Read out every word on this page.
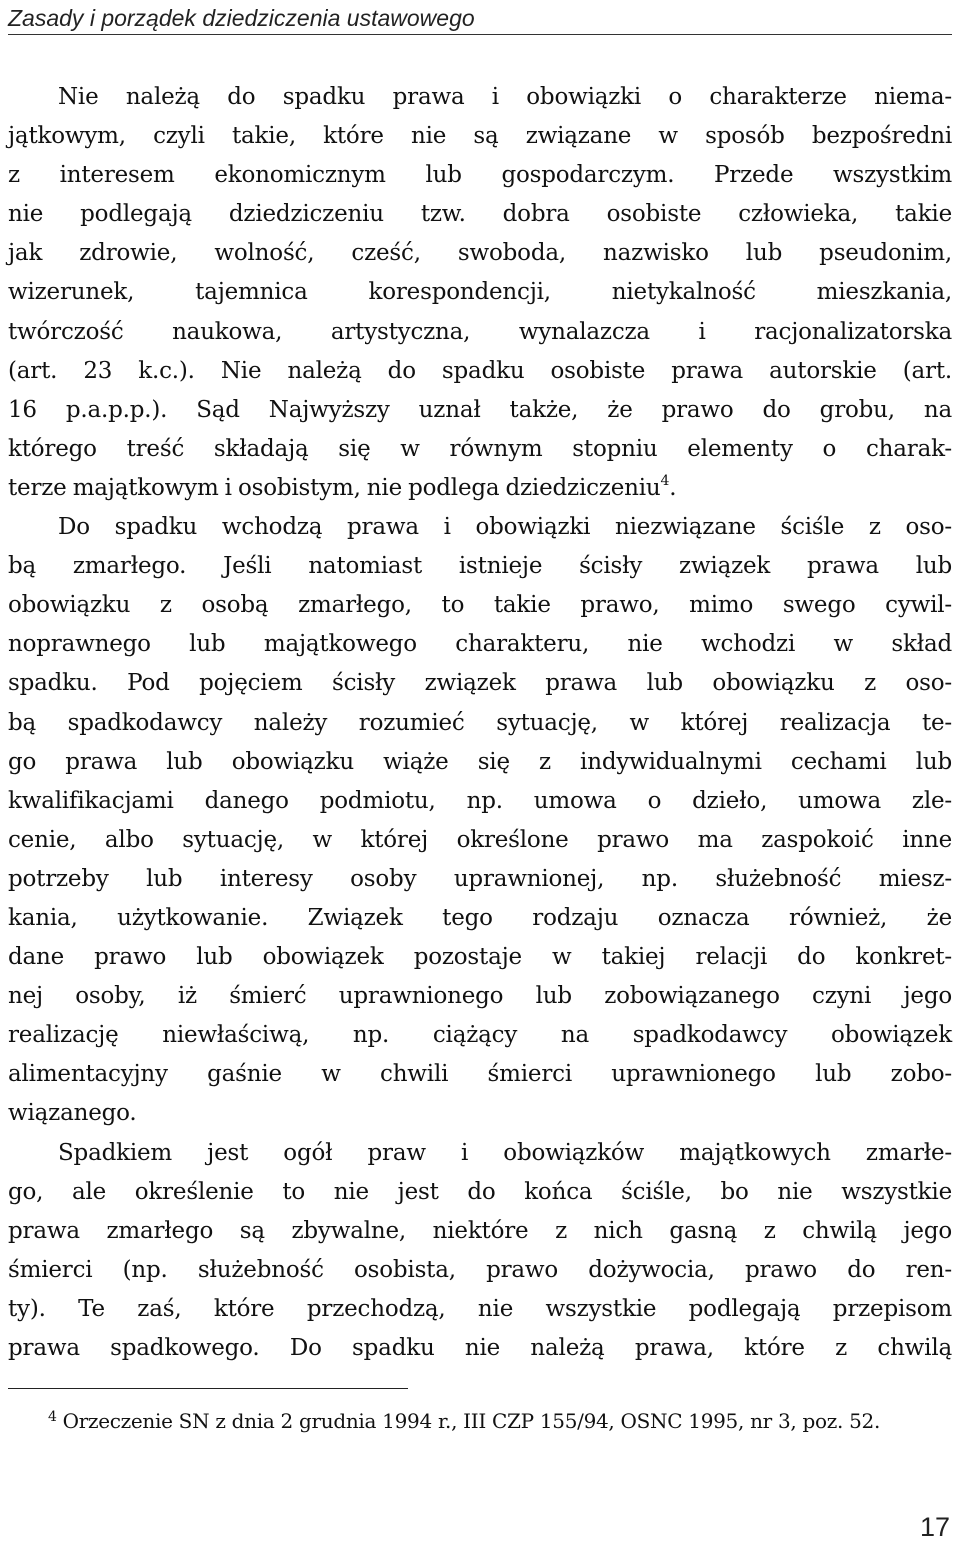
Zasady i porządek dziedziczenia ustawowego
Nie należą do spadku prawa i obowiązki o charakterze niema-
jątkowym, czyli takie, które nie są związane w sposób bezpośredni
z interesem ekonomicznym lub gospodarczym. Przede wszystkim
nie podlegają dziedziczeniu tzw. dobra osobiste człowieka, takie
jak zdrowie, wolność, cześć, swoboda, nazwisko lub pseudonim,
wizerunek, tajemnica korespondencji, nietykalność mieszkania,
twórczość naukowa, artystyczna, wynalazcza i racjonalizatorska
(art. 23 k.c.). Nie należą do spadku osobiste prawa autorskie (art.
16 p.a.p.p.). Sąd Najwyższy uznał także, że prawo do grobu, na
którego treść składają się w równym stopniu elementy o charak-
terze majątkowym i osobistym, nie podlega dziedziczeniu$^4$.
Do spadku wchodzą prawa i obowiązki niezwiązane ściśle z oso-
bą zmarłego. Jeśli natomiast istnieje ścisły związek prawa lub
obowiązku z osobą zmarłego, to takie prawo, mimo swego cywil-
noprawnego lub majątkowego charakteru, nie wchodzi w skład
spadku. Pod pojęciem ścisły związek prawa lub obowiązku z oso-
bą spadkodawcy należy rozumieć sytuację, w której realizacja te-
go prawa lub obowiązku wiąże się z indywidualnymi cechami lub
kwalifikacjami danego podmiotu, np. umowa o dzieło, umowa zle-
cenie, albo sytuację, w której określone prawo ma zaspokoić inne
potrzeby lub interesy osoby uprawnionej, np. służebność miesz-
kania, użytkowanie. Związek tego rodzaju oznacza również, że
dane prawo lub obowiązek pozostaje w takiej relacji do konkret-
nej osoby, iż śmierć uprawnionego lub zobowiązanego czyni jego
realizację niewłaściwą, np. ciążący na spadkodawcy obowiązek
alimentacyjny gaśnie w chwili śmierci uprawnionego lub zobo-
wiązanego.
Spadkiem jest ogół praw i obowiązków majątkowych zmarłe-
go, ale określenie to nie jest do końca ściśle, bo nie wszystkie
prawa zmarłego są zbywalne, niektóre z nich gasną z chwilą jego
śmierci (np. służebność osobista, prawo dożywocia, prawo do ren-
ty). Te zaś, które przechodzą, nie wszystkie podlegają przepisom
prawa spadkowego. Do spadku nie należą prawa, które z chwilą
4 Orzeczenie SN z dnia 2 grudnia 1994 r., III CZP 155/94, OSNC 1995, nr 3, poz. 52.
17
